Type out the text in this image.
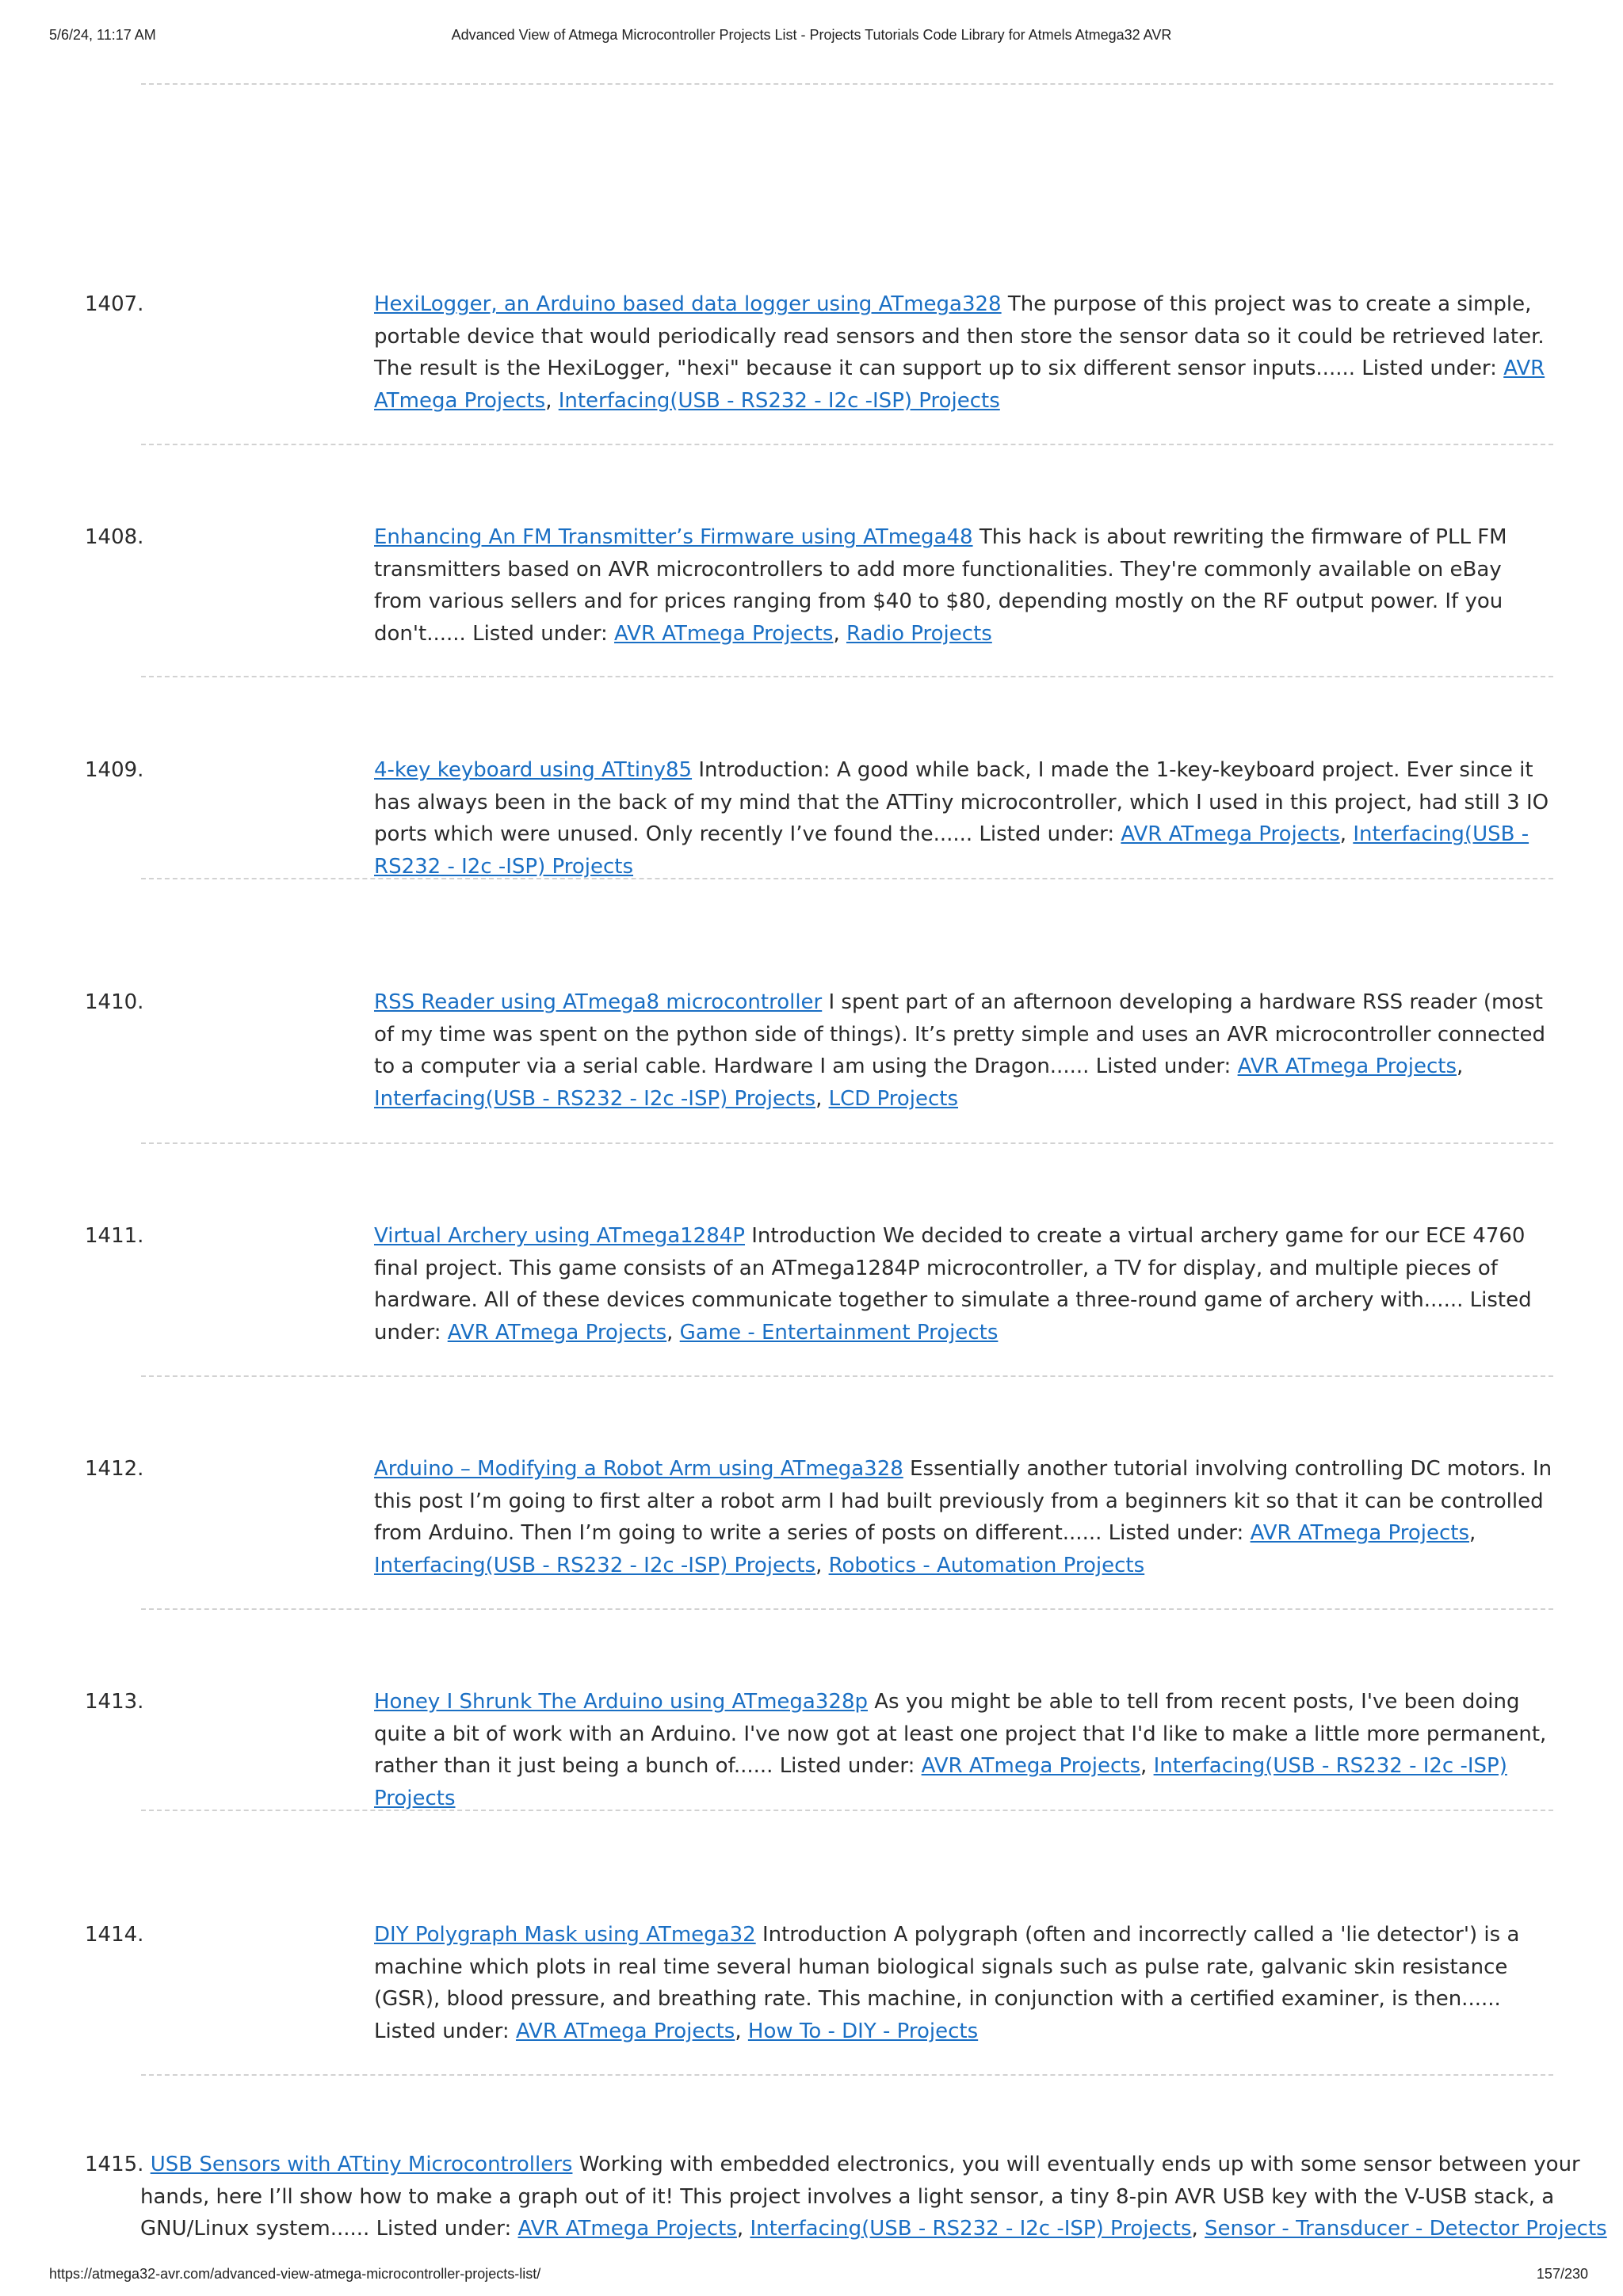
5/6/24, 11:17 AM	Advanced View of Atmega Microcontroller Projects List - Projects Tutorials Code Library for Atmels Atmega32 AVR
1407.	HexiLogger, an Arduino based data logger using ATmega328 The purpose of this project was to create a simple, portable device that would periodically read sensors and then store the sensor data so it could be retrieved later. The result is the HexiLogger, "hexi" because it can support up to six different sensor inputs...... Listed under: AVR ATmega Projects, Interfacing(USB - RS232 - I2c -ISP) Projects

1408.	Enhancing An FM Transmitter’s Firmware using ATmega48 This hack is about rewriting the firmware of PLL FM transmitters based on AVR microcontrollers to add more functionalities. They're commonly available on eBay from various sellers and for prices ranging from $40 to $80, depending mostly on the RF output power. If you don't...... Listed under: AVR ATmega Projects, Radio Projects

1409.	4-key keyboard using ATtiny85 Introduction: A good while back, I made the 1-key-keyboard project. Ever since it has always been in the back of my mind that the ATTiny microcontroller, which I used in this project, had still 3 IO ports which were unused. Only recently I’ve found the...... Listed under: AVR ATmega Projects, Interfacing(USB - RS232 - I2c -ISP) Projects

1410.	RSS Reader using ATmega8 microcontroller I spent part of an afternoon developing a hardware RSS reader (most of my time was spent on the python side of things). It’s pretty simple and uses an AVR microcontroller connected to a computer via a serial cable. Hardware I am using the Dragon...... Listed under: AVR ATmega Projects, Interfacing(USB - RS232 - I2c -ISP) Projects, LCD Projects

1411.	Virtual Archery using ATmega1284P Introduction We decided to create a virtual archery game for our ECE 4760 final project. This game consists of an ATmega1284P microcontroller, a TV for display, and multiple pieces of hardware. All of these devices communicate together to simulate a three-round game of archery with...... Listed under: AVR ATmega Projects, Game - Entertainment Projects

1412.	Arduino – Modifying a Robot Arm using ATmega328 Essentially another tutorial involving controlling DC motors. In this post I’m going to first alter a robot arm I had built previously from a beginners kit so that it can be controlled from Arduino. Then I’m going to write a series of posts on different...... Listed under: AVR ATmega Projects, Interfacing(USB - RS232 - I2c -ISP) Projects, Robotics - Automation Projects

1413.	Honey I Shrunk The Arduino using ATmega328p As you might be able to tell from recent posts, I've been doing quite a bit of work with an Arduino. I've now got at least one project that I'd like to make a little more permanent, rather than it just being a bunch of...... Listed under: AVR ATmega Projects, Interfacing(USB - RS232 - I2c -ISP) Projects

1414.	DIY Polygraph Mask using ATmega32 Introduction A polygraph (often and incorrectly called a 'lie detector') is a machine which plots in real time several human biological signals such as pulse rate, galvanic skin resistance (GSR), blood pressure, and breathing rate. This machine, in conjunction with a certified examiner, is then...... Listed under: AVR ATmega Projects, How To - DIY - Projects

1415. USB Sensors with ATtiny Microcontrollers Working with embedded electronics, you will eventually ends up with some sensor between your hands, here I’ll show how to make a graph out of it! This project involves a light sensor, a tiny 8-pin AVR USB key with the V-USB stack, a GNU/Linux system...... Listed under: AVR ATmega Projects, Interfacing(USB - RS232 - I2c -ISP) Projects, Sensor - Transducer - Detector Projects

https://atmega32-avr.com/advanced-view-atmega-microcontroller-projects-list/	157/230
